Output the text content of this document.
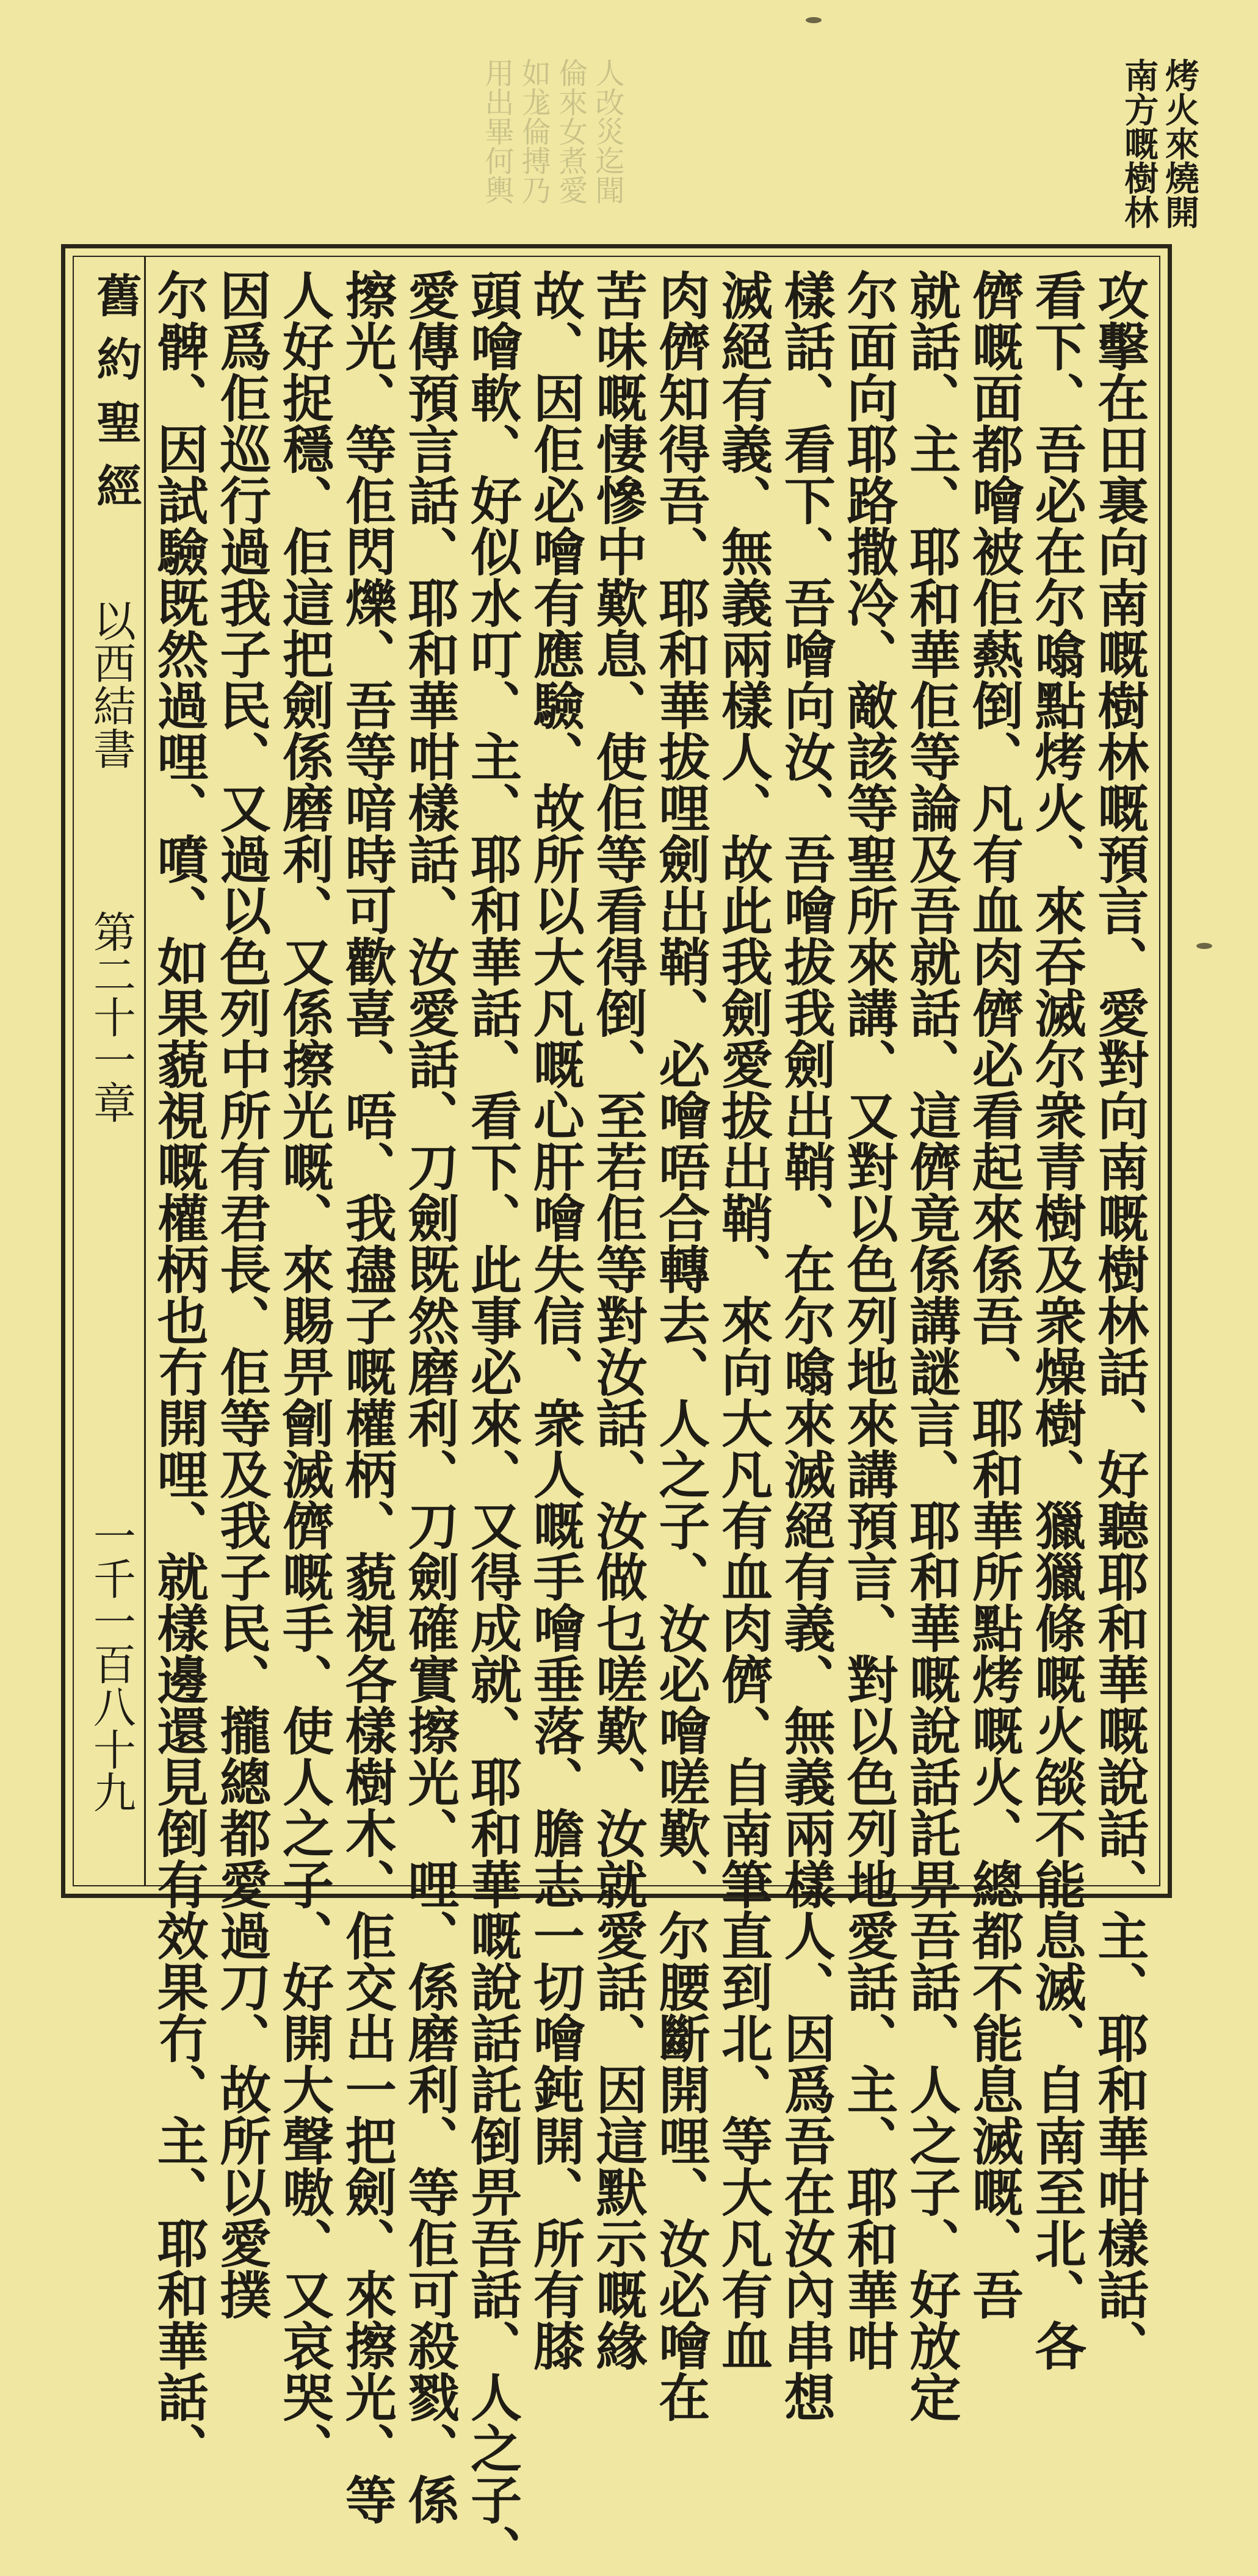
烤火來燒開
南方嘅樹林
人改災迄聞
倫來女煮愛
如尨倫搏乃
用出畢何輿
舊約聖經
以西結書
第二十一章
一千一百八十九	攻擊在田裏向南嘅樹林嘅預言、愛對向南嘅樹林話、好聽耶和華嘅說話、主、耶和華咁樣話、
看下、吾必在尔噏點烤火、來吞滅尔衆青樹及衆燥樹、獵獵條嘅火燄不能息滅、自南至北、各
儕嘅面都噲被佢爇倒、凡有血肉儕必看起來係吾、耶和華所點烤嘅火、總都不能息滅嘅、吾
就話、主、耶和華佢等論及吾就話、這儕竟係講謎言、耶和華嘅說話託畀吾話、人之子、好放定
尔面向耶路撒冷、敵該等聖所來講、又對以色列地來講預言、對以色列地愛話、主、耶和華咁
樣話、看下、吾噲向汝、吾噲拔我劍出鞘、在尔噏來滅絕有義、無義兩樣人、因爲吾在汝內串想
滅絕有義、無義兩樣人、故此我劍愛拔出鞘、來向大凡有血肉儕、自南筆直到北、等大凡有血
肉儕知得吾、耶和華拔哩劍出鞘、必噲唔合轉去、人之子、汝必噲嗟歎、尔腰斷開哩、汝必噲在
苦味嘅悽慘中歎息、使佢等看得倒、至若佢等對汝話、汝做乜嗟歎、汝就愛話、因這默示嘅緣
故、因佢必噲有應驗、故所以大凡嘅心肝噲失信、衆人嘅手噲垂落、膽志一切噲鈍開、所有膝
頭噲軟、好似水叮、主、耶和華話、看下、此事必來、又得成就、耶和華嘅說話託倒畀吾話、人之子、
愛傳預言話、耶和華咁樣話、汝愛話、刀劍既然磨利、刀劍確實擦光、哩、係磨利、等佢可殺戮、係
擦光、等佢閃爍、吾等喑時可歡喜、唔、我孻子嘅權柄、藐視各樣樹木、佢交出一把劍、來擦光、等
人好捉穩、佢這把劍係磨利、又係擦光嘅、來賜畀劊滅儕嘅手、使人之子、好開大聲嗷、又哀哭、
因爲佢巡行過我子民、又過以色列中所有君長、佢等及我子民、攏總都愛過刀、故所以愛撲
尔髀、因試驗既然過哩、噴、如果藐視嘅權柄也冇開哩、就樣邊還見倒有效果冇、主、耶和華話、
